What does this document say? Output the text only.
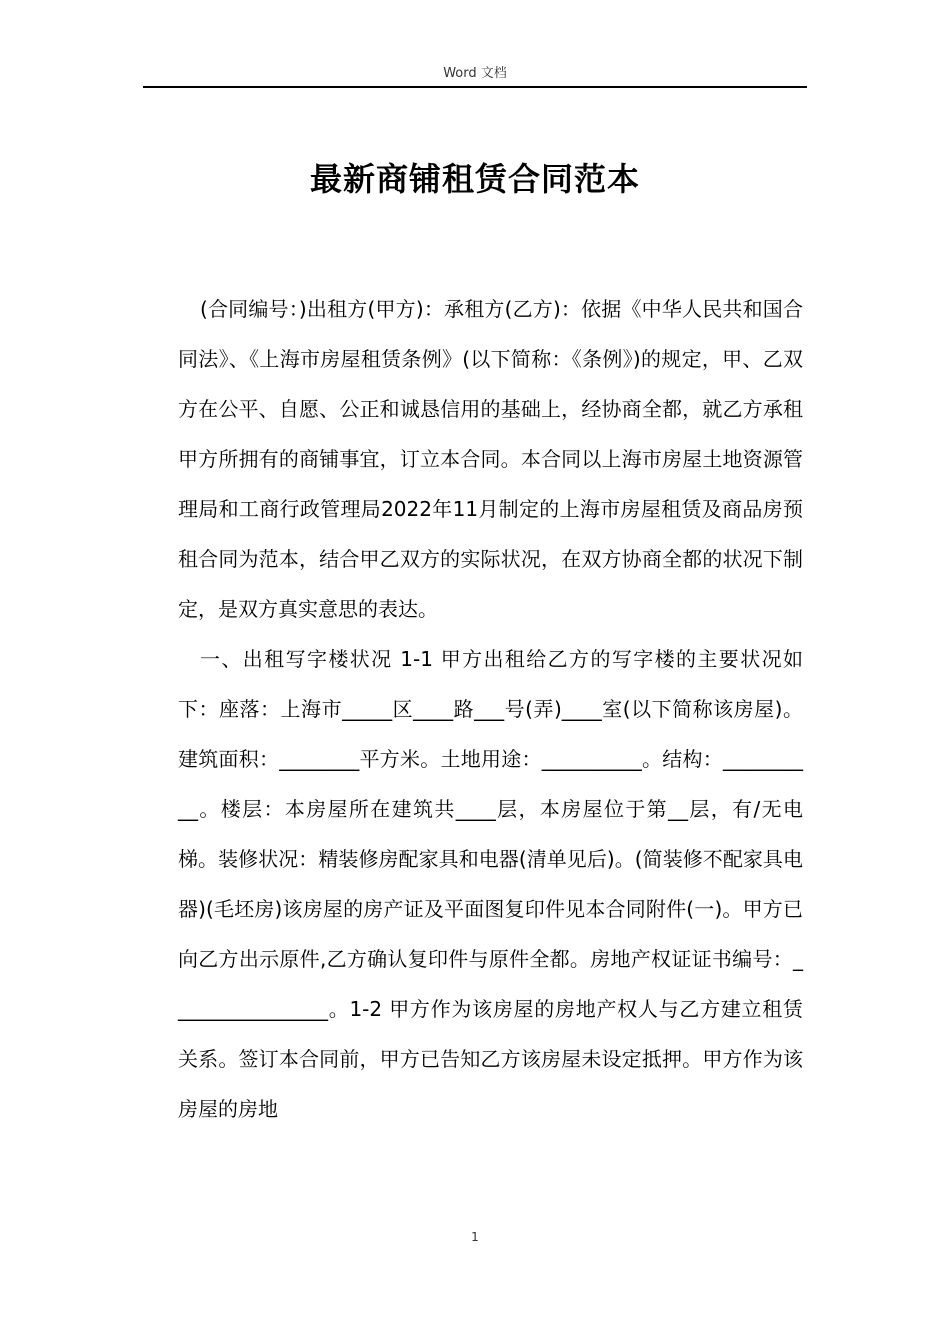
Word 文档
最新商铺租赁合同范本

(合同编号：)出租方(甲方)：承租方(乙方)：依据《中华人民共和国合同法》、《上海市房屋租赁条例》(以下简称：《条例》)的规定，甲、乙双方在公平、自愿、公正和诚恳信用的基础上，经协商全都，就乙方承租甲方所拥有的商铺事宜，订立本合同。本合同以上海市房屋土地资源管理局和工商行政管理局2022年11月制定的上海市房屋租赁及商品房预租合同为范本，结合甲乙双方的实际状况，在双方协商全都的状况下制定，是双方真实意思的表达。

一、出租写字楼状况 1-1 甲方出租给乙方的写字楼的主要状况如下：座落：上海市_____区____路___号(弄)____室(以下简称该房屋)。建筑面积：________平方米。土地用途：__________。结构：__________。楼层：本房屋所在建筑共____层，本房屋位于第__层，有/无电梯。装修状况：精装修房配家具和电器(清单见后)。(简装修不配家具电器)(毛坯房)该房屋的房产证及平面图复印件见本合同附件(一)。甲方已向乙方出示原件,乙方确认复印件与原件全都。房地产权证证书编号：________________。1-2 甲方作为该房屋的房地产权人与乙方建立租赁关系。签订本合同前，甲方已告知乙方该房屋未设定抵押。甲方作为该房屋的房地

1
